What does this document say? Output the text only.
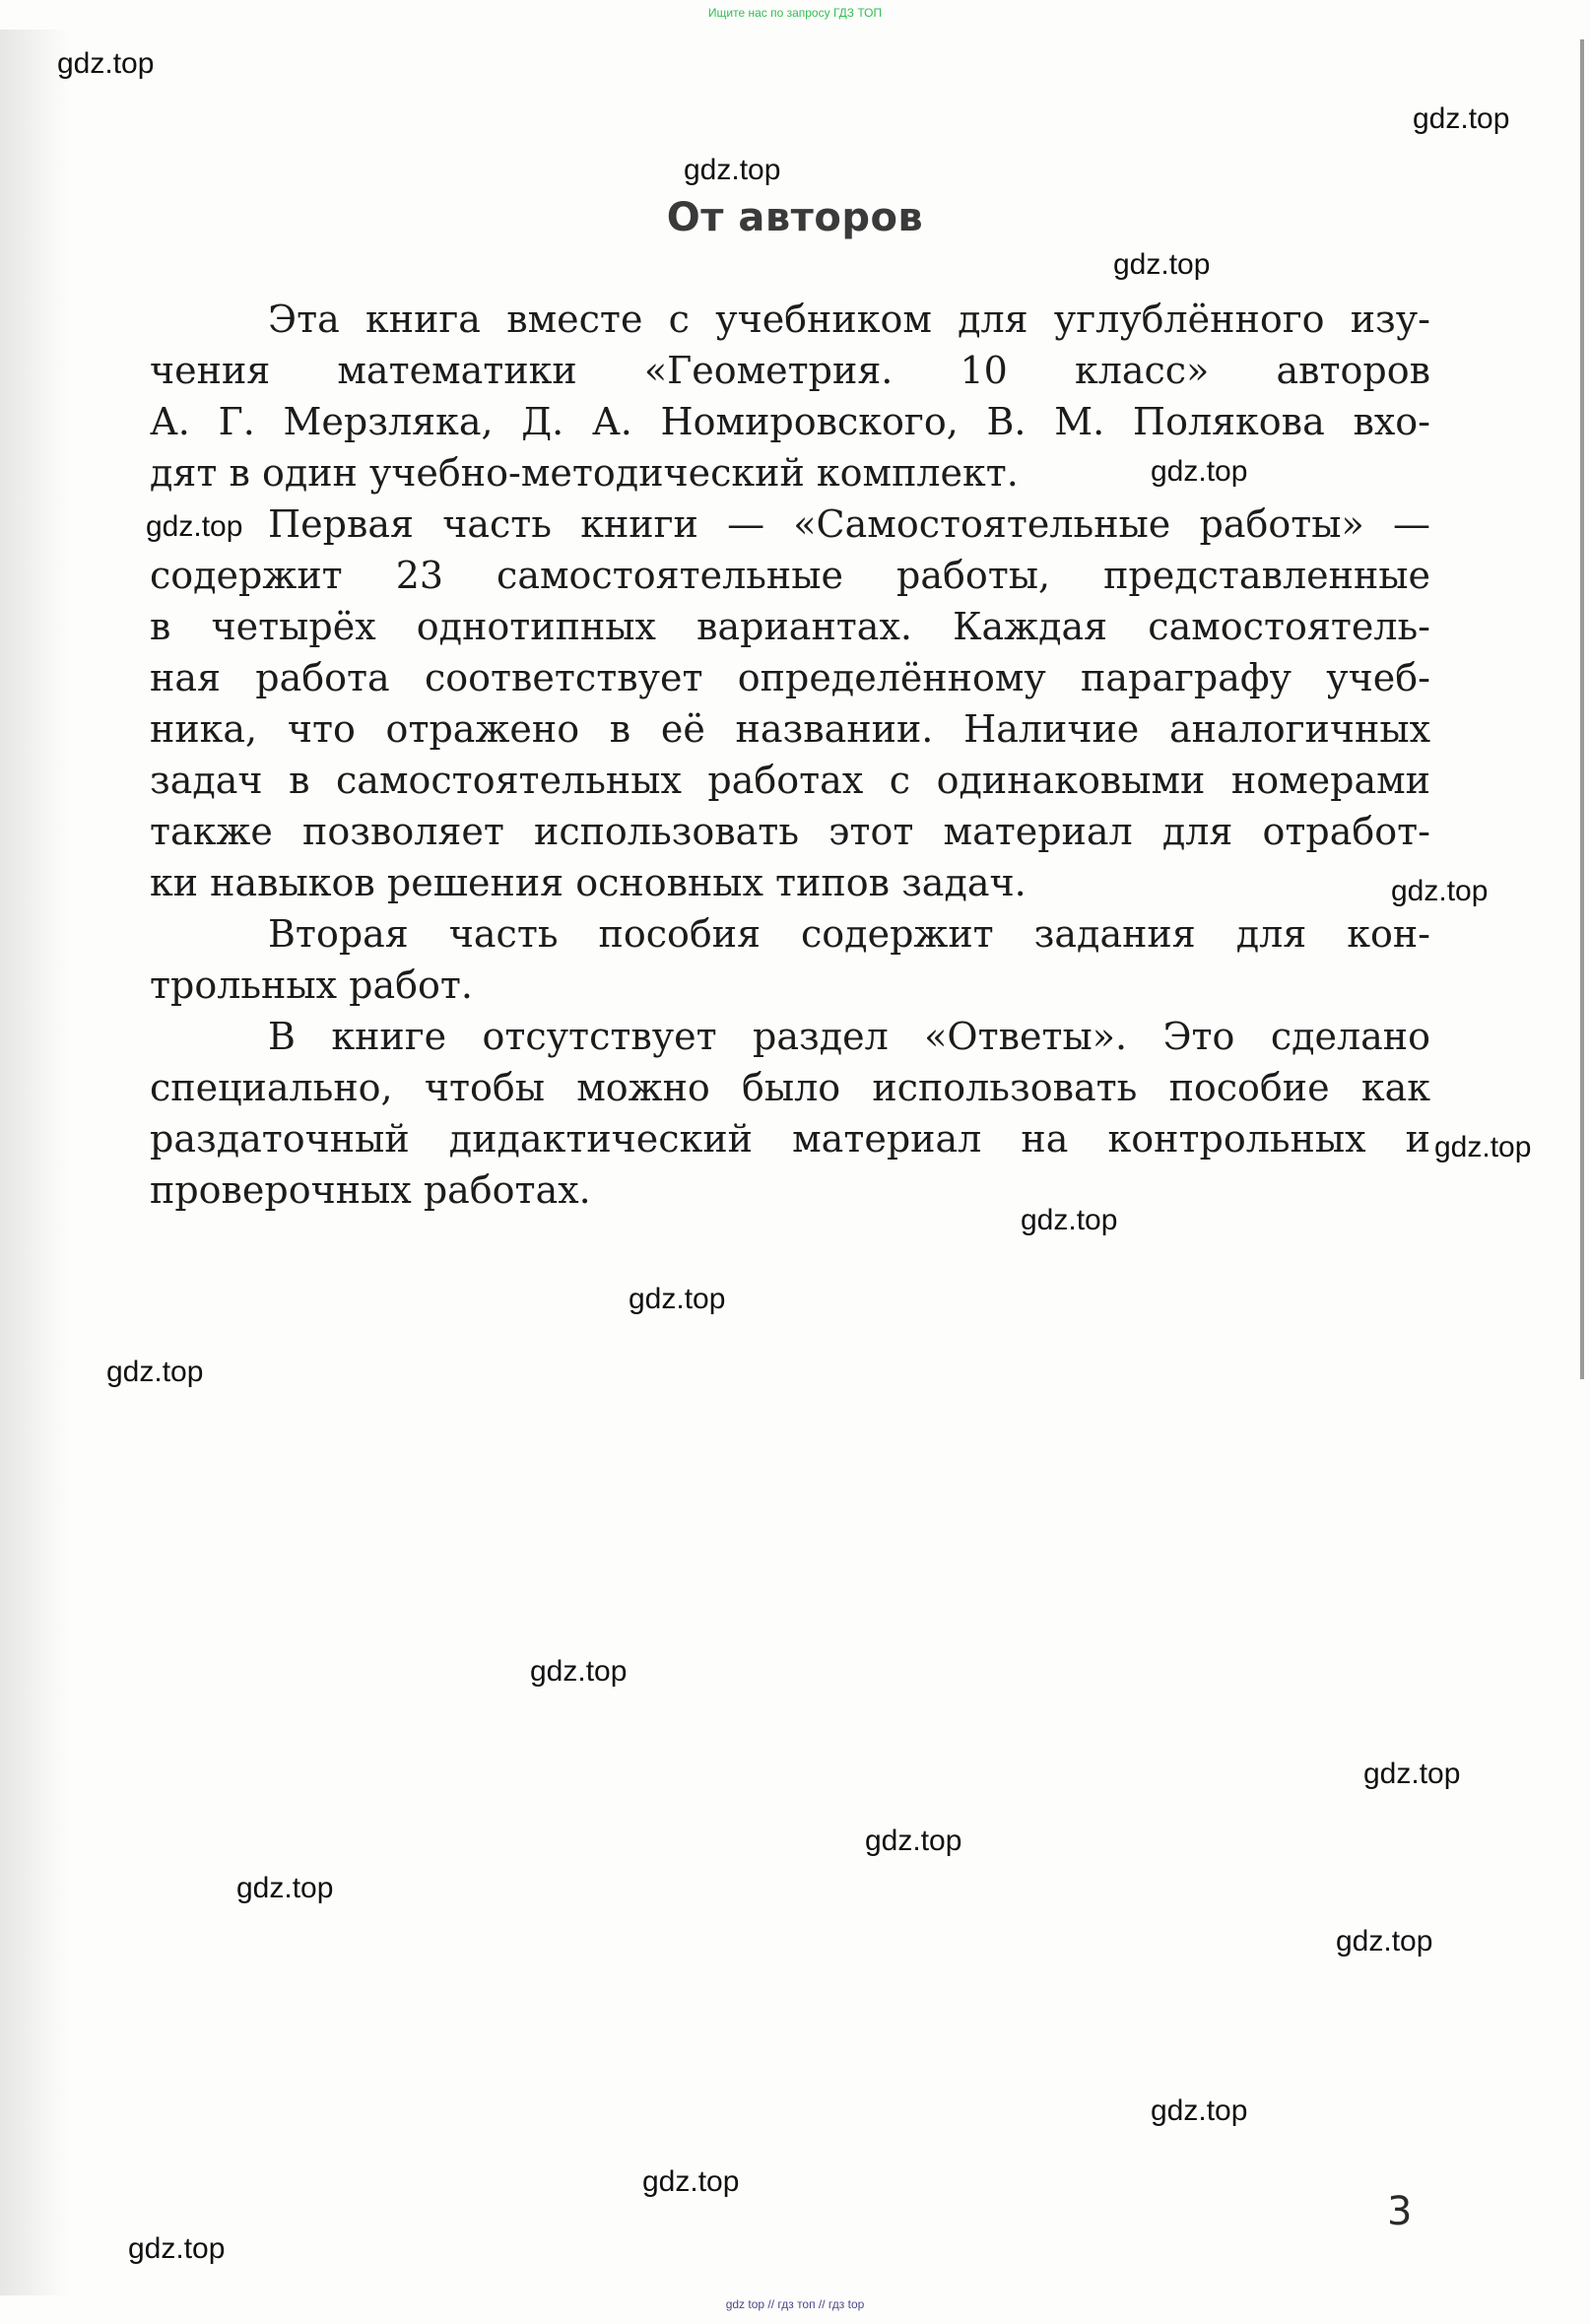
Ищите нас по запросу ГДЗ ТОП
От авторов
Эта книга вместе с учебником для углублённого изу-
чения математики «Геометрия. 10 класс» авторов
А. Г. Мерзляка, Д. А. Номировского, В. М. Полякова вхо-
дят в один учебно-методический комплект.
Первая часть книги — «Самостоятельные работы» —
содержит 23 самостоятельные работы, представленные
в четырёх однотипных вариантах. Каждая самостоятель-
ная работа соответствует определённому параграфу учеб-
ника, что отражено в её названии. Наличие аналогичных
задач в самостоятельных работах с одинаковыми номерами
также позволяет использовать этот материал для отработ-
ки навыков решения основных типов задач.
Вторая часть пособия содержит задания для кон-
трольных работ.
В книге отсутствует раздел «Ответы». Это сделано
специально, чтобы можно было использовать пособие как
раздаточный дидактический материал на контрольных и
проверочных работах.
3
gdz.top
gdz.top
gdz.top
gdz.top
gdz.top
gdz.top
gdz.top
gdz.top
gdz.top
gdz.top
gdz.top
gdz.top
gdz.top
gdz.top
gdz.top
gdz.top
gdz.top
gdz.top
gdz.top
gdz top // гдз топ // гдз top
